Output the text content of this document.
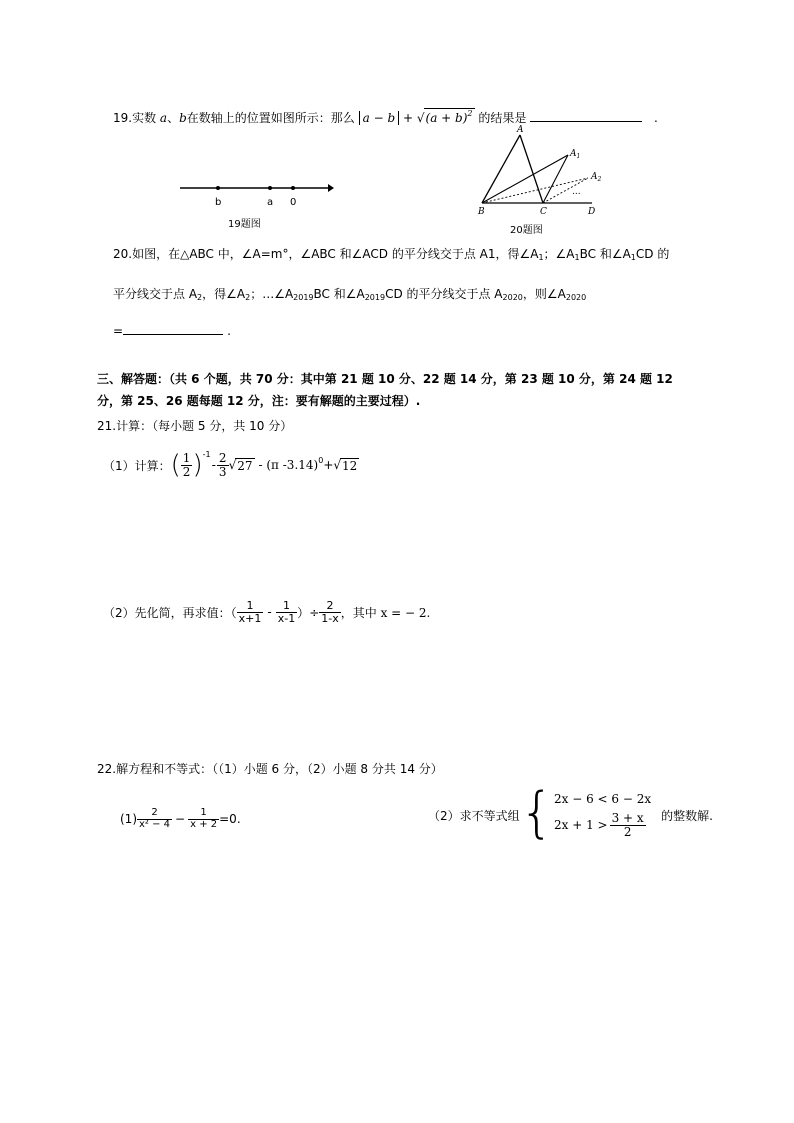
19.实数 a、b在数轴上的位置如图所示：那么 $a - b + √(a + b)^2$ 的结果是	.
b	a 0
19题图
A
$A_1$
$A_2$
...
B	C	D
20题图
20.如图，在△ABC 中，∠A=m°，∠ABC 和∠ACD 的平分线交于点 A1，得$\angle A_1$；$\angle A_1BC$ 和$\angle A_1CD$ 的
平分线交于点 $A_2$，得$\angle A_2$；$\dots\angle A_{2019}BC$ 和$\angle A_{2019}CD$ 的平分线交于点 $A_{2020}$，则$\angle A_{2020}$
=	.
三、解答题：（共 6 个题，共 70 分：其中第 21 题 10 分、22 题 14 分，第 23 题 10 分，第 24 题 12
分，第 25、26 题每题 12 分，注：要有解题的主要过程）.
21.计算：（每小题 5 分，共 10 分）
（1）计算： ( $\frac{1}{2}$ ) -1
- $\frac{2}{3}$ √ 27 - (π -3.14) 0 + √ 12
（2）先化简，再求值：（ $\frac{1}{x+1} - \frac{1}{x-1}$ ）÷ $\frac{2}{1-x}$ ，其中 x = − 2.
22.解方程和不等式：（（1）小题 6 分，（2）小题 8 分共 14 分）
$(1) \frac{2}{\text{x² − 4}} - \frac{1}{x + 2} =0$.	（2）求不等式组 { 2x − 6 < 6 − 2x
$2x + 1 > \frac{3 + x}{2}$ 的整数解.
